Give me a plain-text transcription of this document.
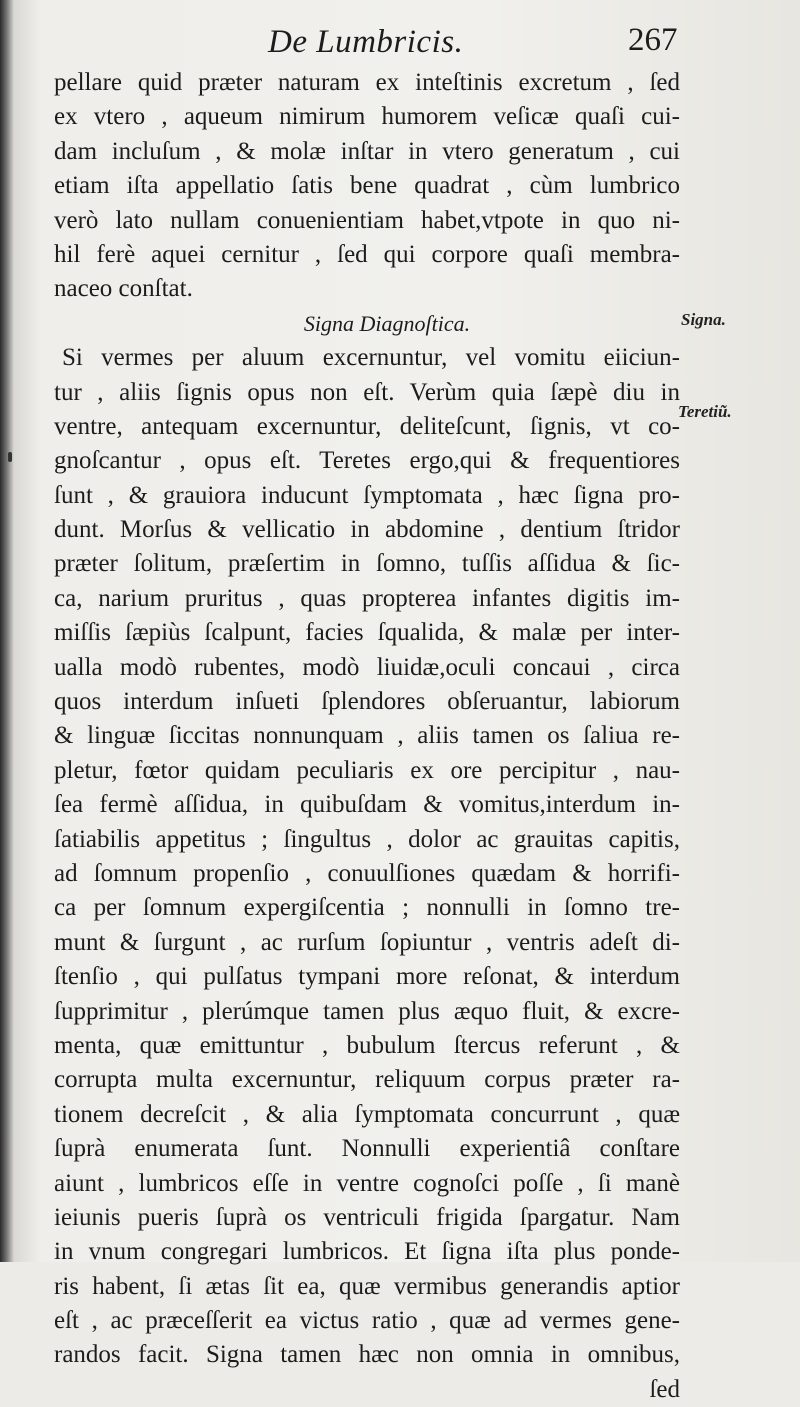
De Lumbricis.	267
pellare quid præter naturam ex inteſtinis excretum , ſed
ex vtero , aqueum nimirum humorem veſicæ quaſi cui-
dam incluſum , & molæ inſtar in vtero generatum , cui
etiam iſta appellatio ſatis bene quadrat , cùm lumbrico
verò lato nullam conuenientiam habet,vtpote in quo ni-
hil ferè aquei cernitur , ſed qui corpore quaſi membra-
naceo conſtat.
Signa Diagnoſtica.
Si vermes per aluum excernuntur, vel vomitu eiiciun-
tur , aliis ſignis opus non eſt. Verùm quia ſæpè diu in
ventre, antequam excernuntur, deliteſcunt, ſignis, vt co-
gnoſcantur , opus eſt. Teretes ergo,qui & frequentiores
ſunt , & grauiora inducunt ſymptomata , hæc ſigna pro-
dunt. Morſus & vellicatio in abdomine , dentium ſtridor
præter ſolitum, præſertim in ſomno, tuſſis aſſidua & ſic-
ca, narium pruritus , quas propterea infantes digitis im-
miſſis ſæpiùs ſcalpunt, facies ſqualida, & malæ per inter-
ualla modò rubentes, modò liuidæ,oculi concaui , circa
quos interdum inſueti ſplendores obſeruantur, labiorum
& linguæ ſiccitas nonnunquam , aliis tamen os ſaliua re-
pletur, fœtor quidam peculiaris ex ore percipitur , nau-
ſea fermè aſſidua, in quibuſdam & vomitus,interdum in-
ſatiabilis appetitus ; ſingultus , dolor ac grauitas capitis,
ad ſomnum propenſio , conuulſiones quædam & horrifi-
ca per ſomnum expergiſcentia ; nonnulli in ſomno tre-
munt & ſurgunt , ac rurſum ſopiuntur , ventris adeſt di-
ſtenſio , qui pulſatus tympani more reſonat, & interdum
ſupprimitur , plerúmque tamen plus æquo fluit, & excre-
menta, quæ emittuntur , bubulum ſtercus referunt , &
corrupta multa excernuntur, reliquum corpus præter ra-
tionem decreſcit , & alia ſymptomata concurrunt , quæ
ſuprà enumerata ſunt. Nonnulli experientiâ conſtare
aiunt , lumbricos eſſe in ventre cognoſci poſſe , ſi manè
ieiunis pueris ſuprà os ventriculi frigida ſpargatur. Nam
in vnum congregari lumbricos. Et ſigna iſta plus ponde-
ris habent, ſi ætas ſit ea, quæ vermibus generandis aptior
eſt , ac præceſſerit ea victus ratio , quæ ad vermes gene-
randos facit. Signa tamen hæc non omnia in omnibus,
ſed
Signa.
Teretiũ.
